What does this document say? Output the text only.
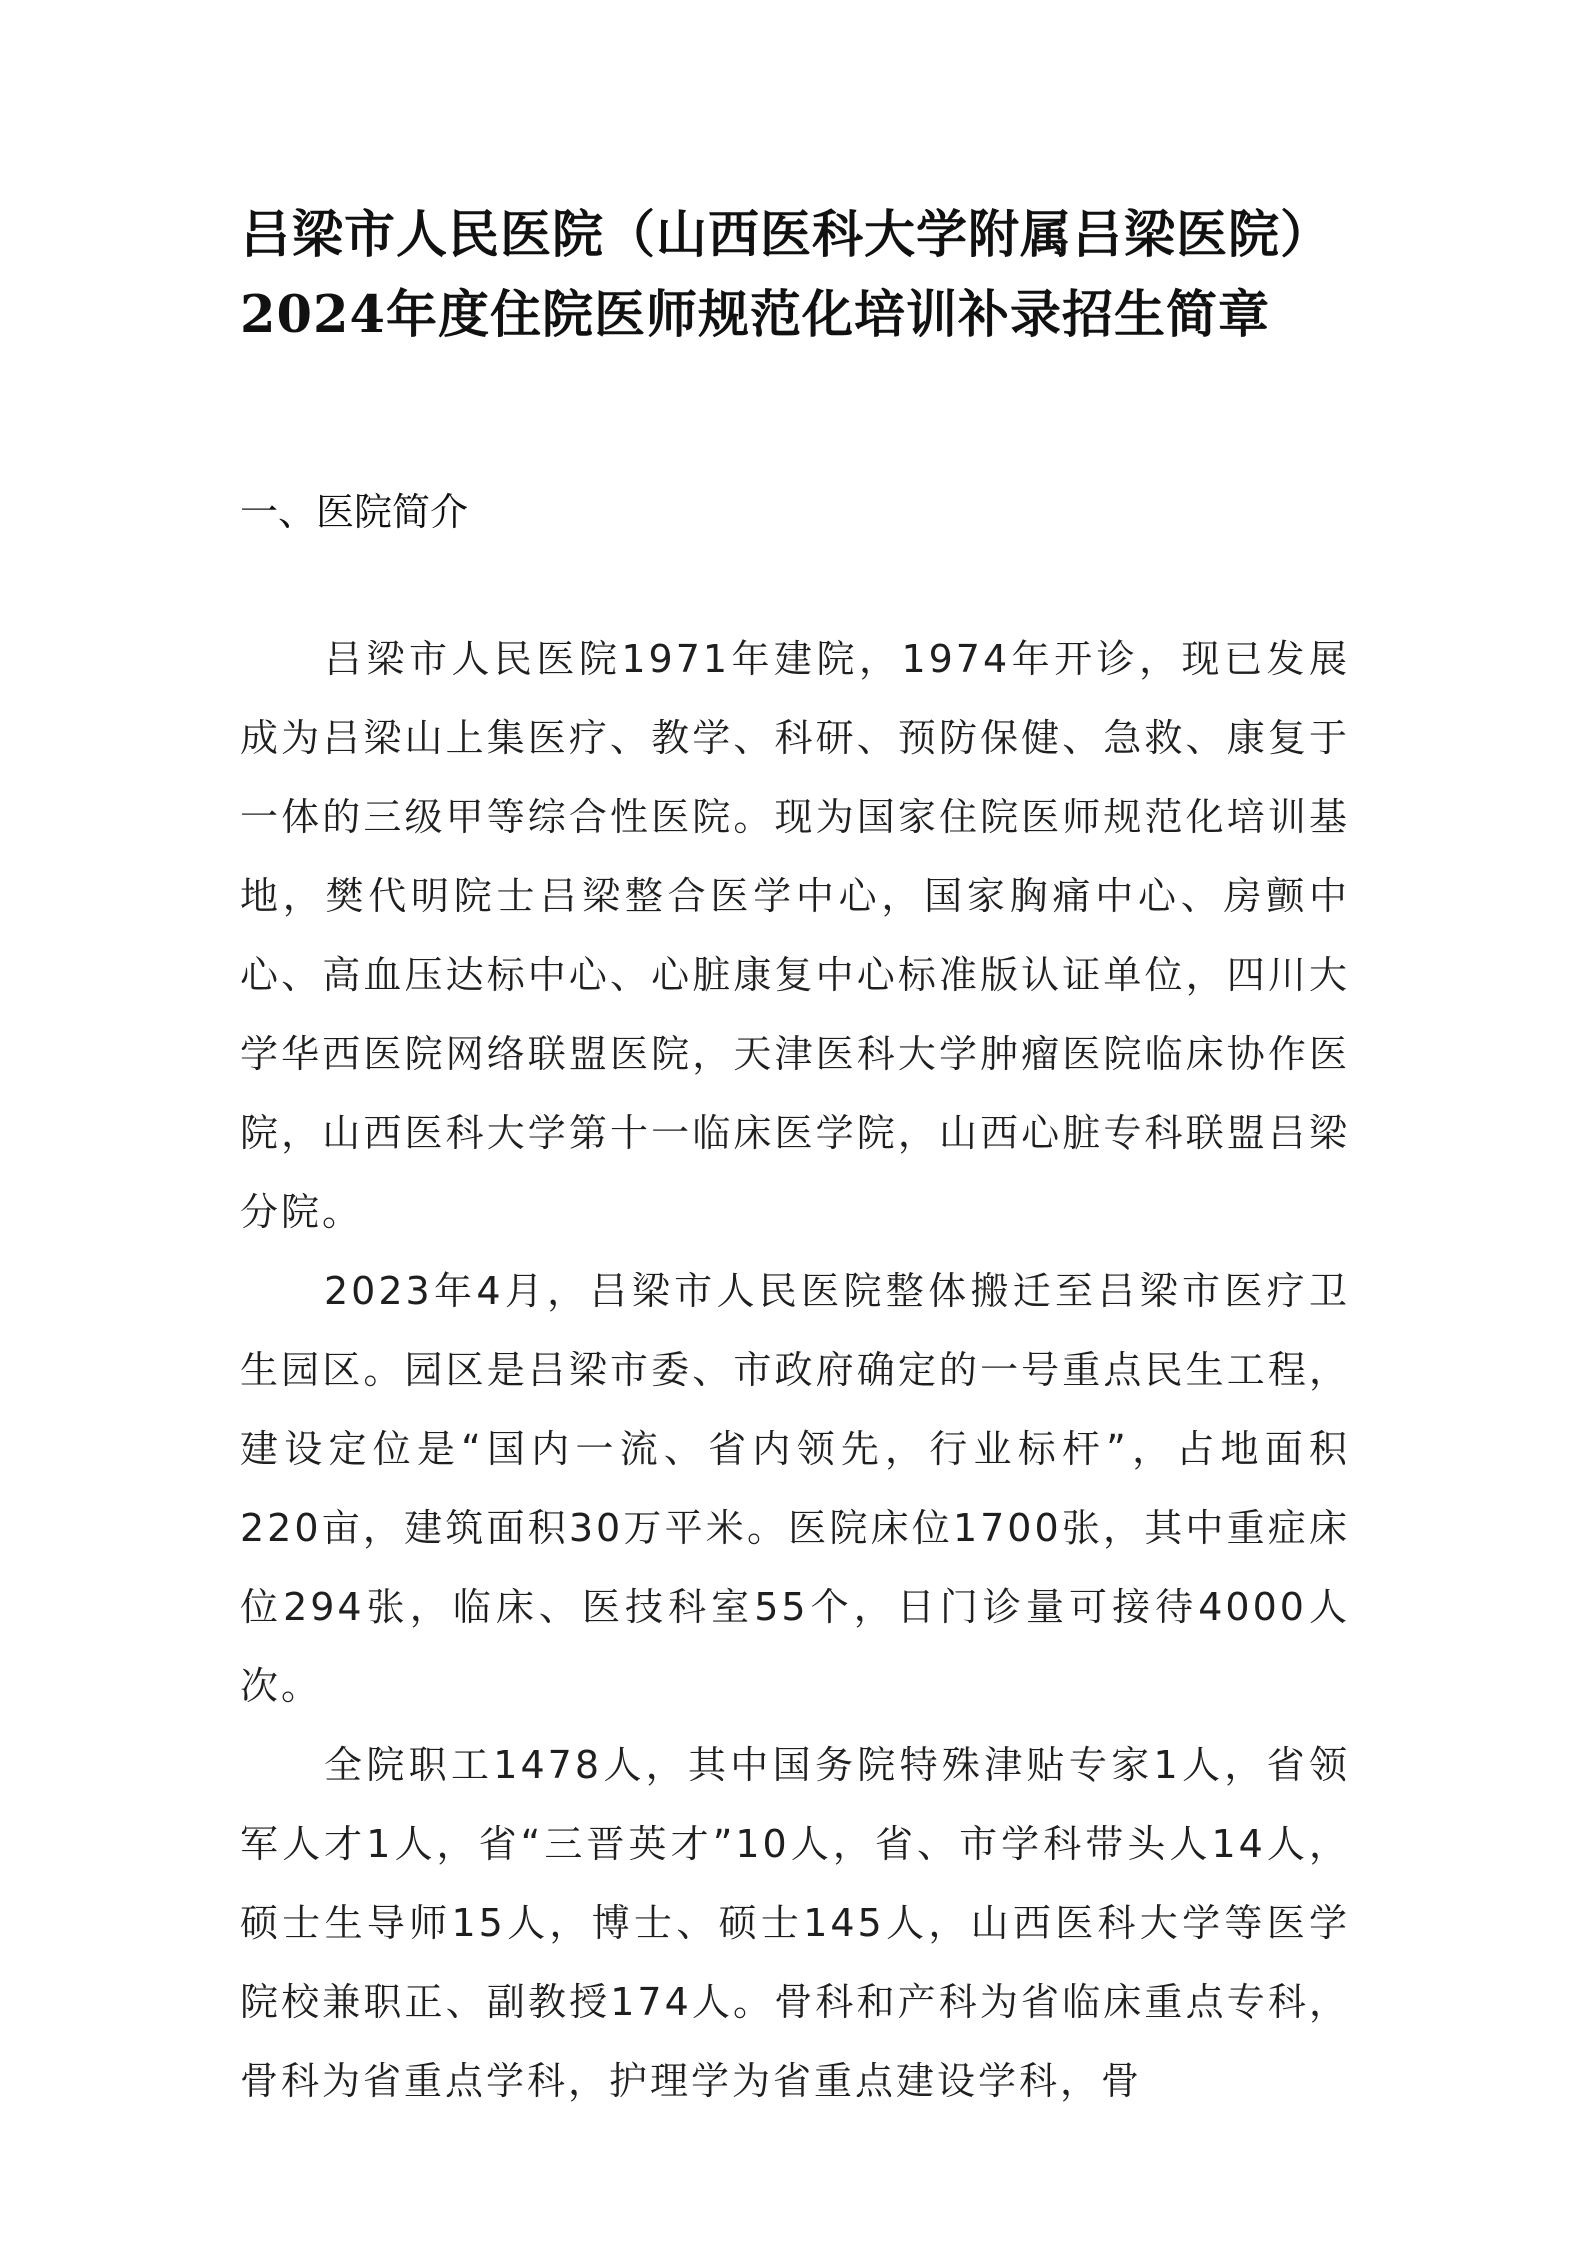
吕梁市人民医院（山西医科大学附属吕梁医院）2024年度住院医师规范化培训补录招生简章
一、医院简介

吕梁市人民医院1971年建院，1974年开诊，现已发展成为吕梁山上集医疗、教学、科研、预防保健、急救、康复于一体的三级甲等综合性医院。现为国家住院医师规范化培训基地，樊代明院士吕梁整合医学中心，国家胸痛中心、房颤中心、高血压达标中心、心脏康复中心标准版认证单位，四川大学华西医院网络联盟医院，天津医科大学肿瘤医院临床协作医院，山西医科大学第十一临床医学院，山西心脏专科联盟吕梁分院。

2023年4月，吕梁市人民医院整体搬迁至吕梁市医疗卫生园区。园区是吕梁市委、市政府确定的一号重点民生工程，建设定位是“国内一流、省内领先，行业标杆”，占地面积220亩，建筑面积30万平米。医院床位1700张，其中重症床位294张，临床、医技科室55个，日门诊量可接待4000人次。

全院职工1478人，其中国务院特殊津贴专家1人，省领军人才1人，省“三晋英才”10人，省、市学科带头人14人，硕士生导师15人，博士、硕士145人，山西医科大学等医学院校兼职正、副教授174人。骨科和产科为省临床重点专科，骨科为省重点学科，护理学为省重点建设学科，骨
